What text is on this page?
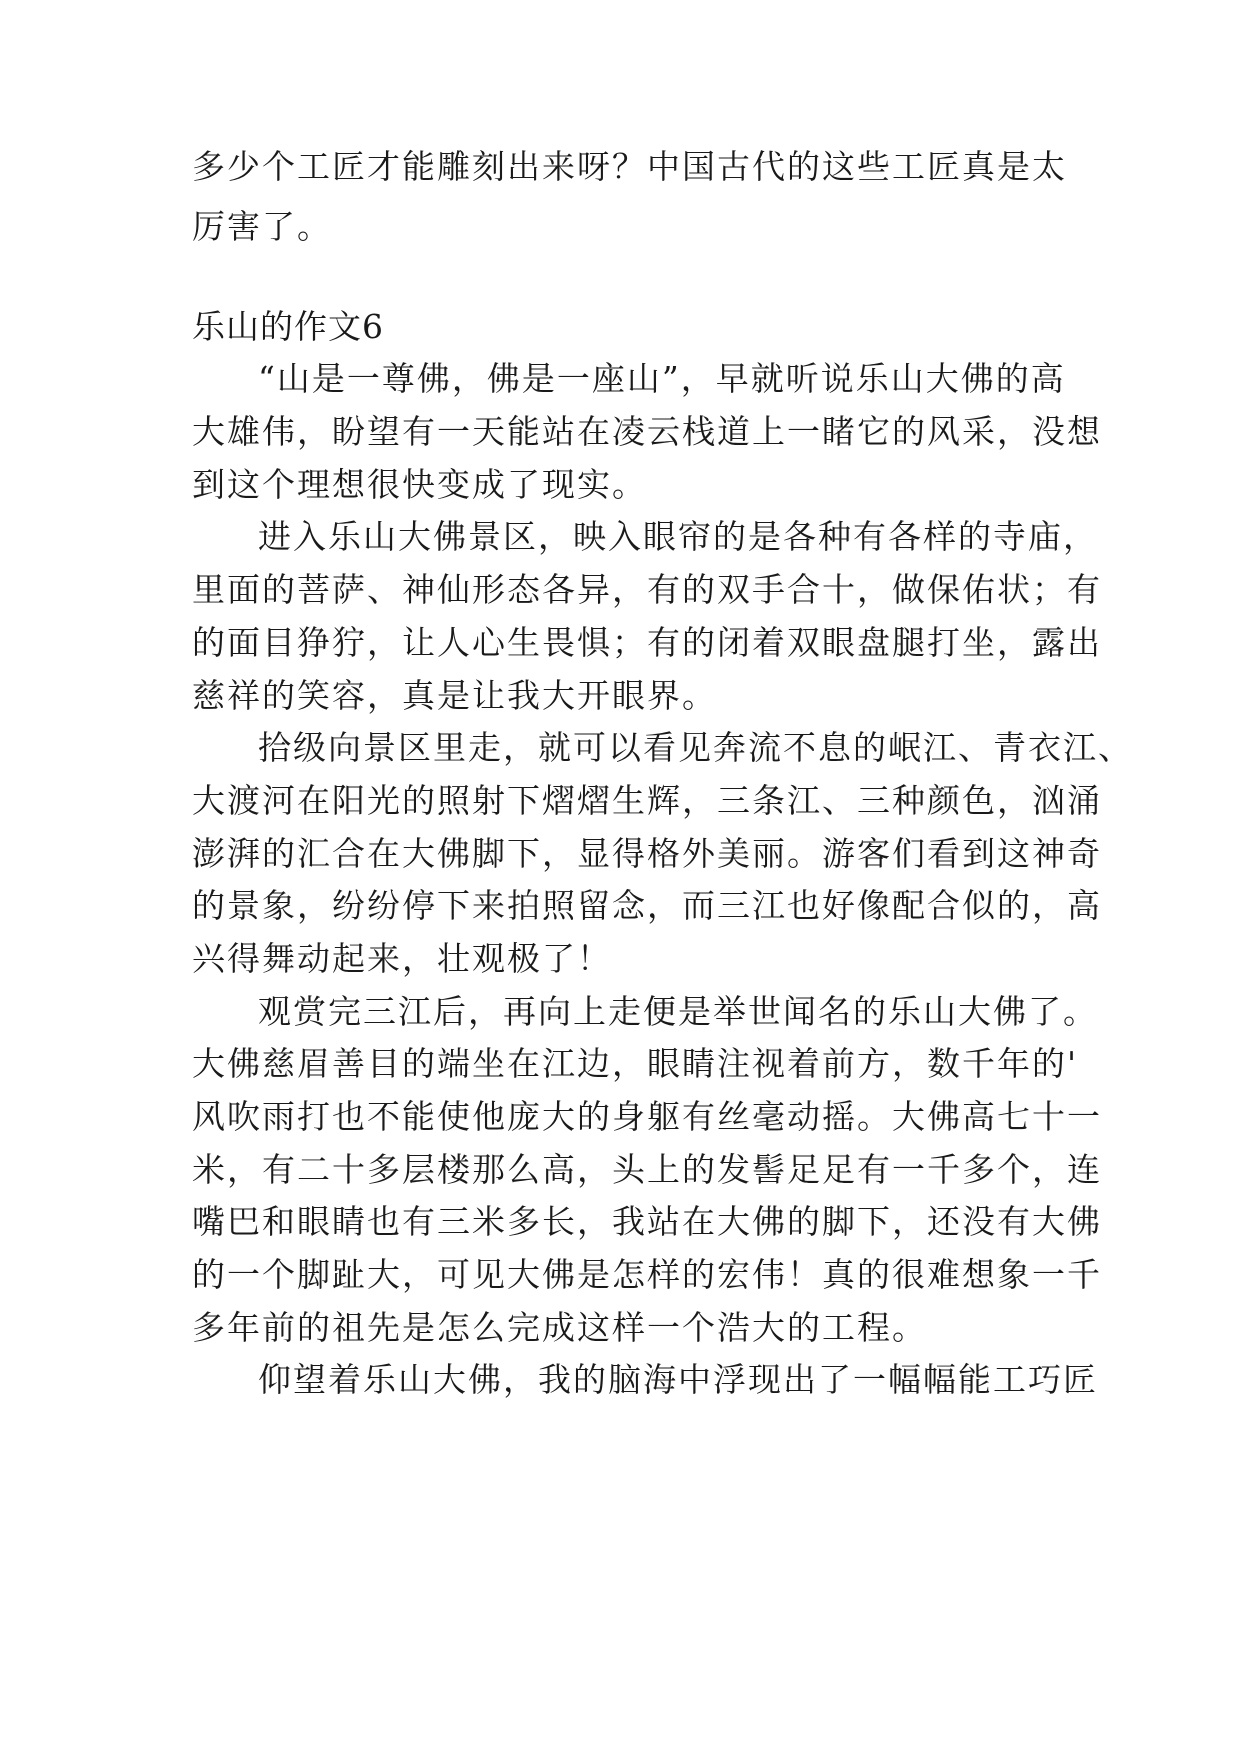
多少个工匠才能雕刻出来呀？中国古代的这些工匠真是太

厉害了。

乐山的作文6

“山是一尊佛，佛是一座山”，早就听说乐山大佛的高

大雄伟，盼望有一天能站在凌云栈道上一睹它的风采，没想

到这个理想很快变成了现实。

进入乐山大佛景区，映入眼帘的是各种有各样的寺庙，

里面的菩萨、神仙形态各异，有的双手合十，做保佑状；有

的面目狰狞，让人心生畏惧；有的闭着双眼盘腿打坐，露出

慈祥的笑容，真是让我大开眼界。

拾级向景区里走，就可以看见奔流不息的岷江、青衣江、

大渡河在阳光的照射下熠熠生辉，三条江、三种颜色，汹涌

澎湃的汇合在大佛脚下，显得格外美丽。游客们看到这神奇

的景象，纷纷停下来拍照留念，而三江也好像配合似的，高

兴得舞动起来，壮观极了！

观赏完三江后，再向上走便是举世闻名的乐山大佛了。

大佛慈眉善目的端坐在江边，眼睛注视着前方，数千年的'

风吹雨打也不能使他庞大的身躯有丝毫动摇。大佛高七十一

米，有二十多层楼那么高，头上的发髻足足有一千多个，连

嘴巴和眼睛也有三米多长，我站在大佛的脚下，还没有大佛

的一个脚趾大，可见大佛是怎样的宏伟！真的很难想象一千

多年前的祖先是怎么完成这样一个浩大的工程。

仰望着乐山大佛，我的脑海中浮现出了一幅幅能工巧匠
